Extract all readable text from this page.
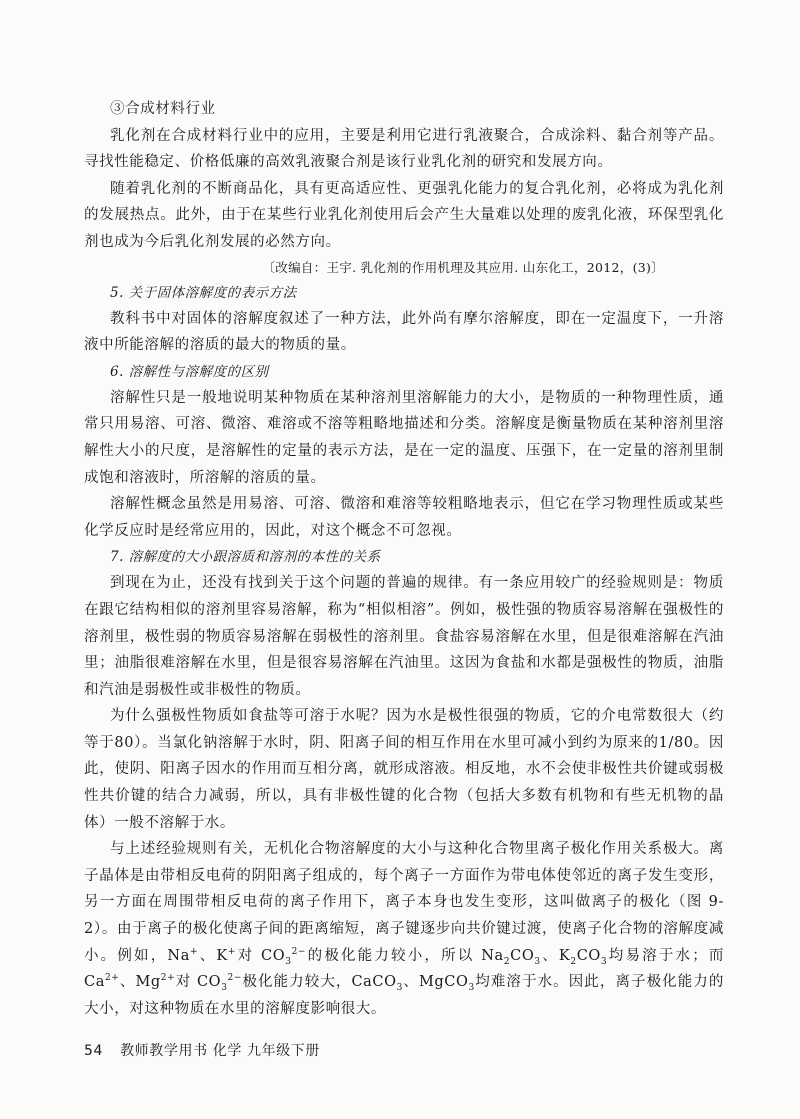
③合成材料行业

乳化剂在合成材料行业中的应用，主要是利用它进行乳液聚合，合成涂料、黏合剂等产品。寻找性能稳定、价格低廉的高效乳液聚合剂是该行业乳化剂的研究和发展方向。

随着乳化剂的不断商品化，具有更高适应性、更强乳化能力的复合乳化剂，必将成为乳化剂的发展热点。此外，由于在某些行业乳化剂使用后会产生大量难以处理的废乳化液，环保型乳化剂也成为今后乳化剂发展的必然方向。

〔改编自：王宇. 乳化剂的作用机理及其应用. 山东化工，2012，(3)〕

5. 关于固体溶解度的表示方法

教科书中对固体的溶解度叙述了一种方法，此外尚有摩尔溶解度，即在一定温度下，一升溶液中所能溶解的溶质的最大的物质的量。

6. 溶解性与溶解度的区别

溶解性只是一般地说明某种物质在某种溶剂里溶解能力的大小，是物质的一种物理性质，通常只用易溶、可溶、微溶、难溶或不溶等粗略地描述和分类。溶解度是衡量物质在某种溶剂里溶解性大小的尺度，是溶解性的定量的表示方法，是在一定的温度、压强下，在一定量的溶剂里制成饱和溶液时，所溶解的溶质的量。

溶解性概念虽然是用易溶、可溶、微溶和难溶等较粗略地表示，但它在学习物理性质或某些化学反应时是经常应用的，因此，对这个概念不可忽视。

7. 溶解度的大小跟溶质和溶剂的本性的关系

到现在为止，还没有找到关于这个问题的普遍的规律。有一条应用较广的经验规则是：物质在跟它结构相似的溶剂里容易溶解，称为“相似相溶”。例如，极性强的物质容易溶解在强极性的溶剂里，极性弱的物质容易溶解在弱极性的溶剂里。食盐容易溶解在水里，但是很难溶解在汽油里；油脂很难溶解在水里，但是很容易溶解在汽油里。这因为食盐和水都是强极性的物质，油脂和汽油是弱极性或非极性的物质。

为什么强极性物质如食盐等可溶于水呢？因为水是极性很强的物质，它的介电常数很大（约等于80）。当氯化钠溶解于水时，阴、阳离子间的相互作用在水里可减小到约为原来的1/80。因此，使阴、阳离子因水的作用而互相分离，就形成溶液。相反地，水不会使非极性共价键或弱极性共价键的结合力减弱，所以，具有非极性键的化合物（包括大多数有机物和有些无机物的晶体）一般不溶解于水。

与上述经验规则有关，无机化合物溶解度的大小与这种化合物里离子极化作用关系极大。离子晶体是由带相反电荷的阴阳离子组成的，每个离子一方面作为带电体使邻近的离子发生变形，另一方面在周围带相反电荷的离子作用下，离子本身也发生变形，这叫做离子的极化（图 9-2）。由于离子的极化使离子间的距离缩短，离子键逐步向共价键过渡，使离子化合物的溶解度减小。例如，Na+、K+对 $CO_3^{2-}$的极化能力较小，所以 $Na_2CO_3$、$K_2CO_3$均易溶于水；而 $Ca^{2+}$、$Mg^{2+}$对 $CO_3^{2-}$极化能力较大，CaCO$_3$、MgCO$_3$均难溶于水。因此，离子极化能力的大小，对这种物质在水里的溶解度影响很大。

54 教师教学用书 化学 九年级下册
